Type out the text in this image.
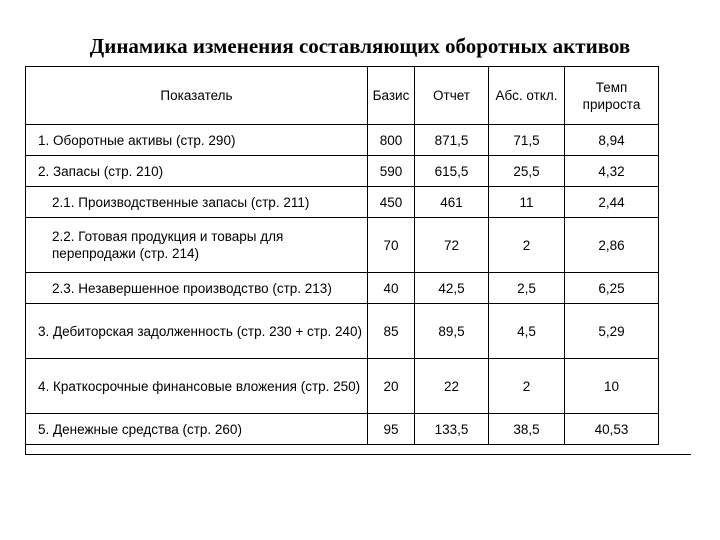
Динамика изменения составляющих оборотных активов
Показатель	Базис	Отчет	Абс. откл.	Темп прироста
1. Оборотные активы (стр. 290)	800	871,5	71,5	8,94
2. Запасы (стр. 210)	590	615,5	25,5	4,32
2.1. Производственные запасы (стр. 211)	450	461	11	2,44
2.2. Готовая продукция и товары для перепродажи (стр. 214)	70	72	2	2,86
2.3. Незавершенное производство (стр. 213)	40	42,5	2,5	6,25
3. Дебиторская задолженность (стр. 230 + стр. 240)	85	89,5	4,5	5,29
4. Краткосрочные финансовые вложения (стр. 250)	20	22	2	10
5. Денежные средства (стр. 260)	95	133,5	38,5	40,53
